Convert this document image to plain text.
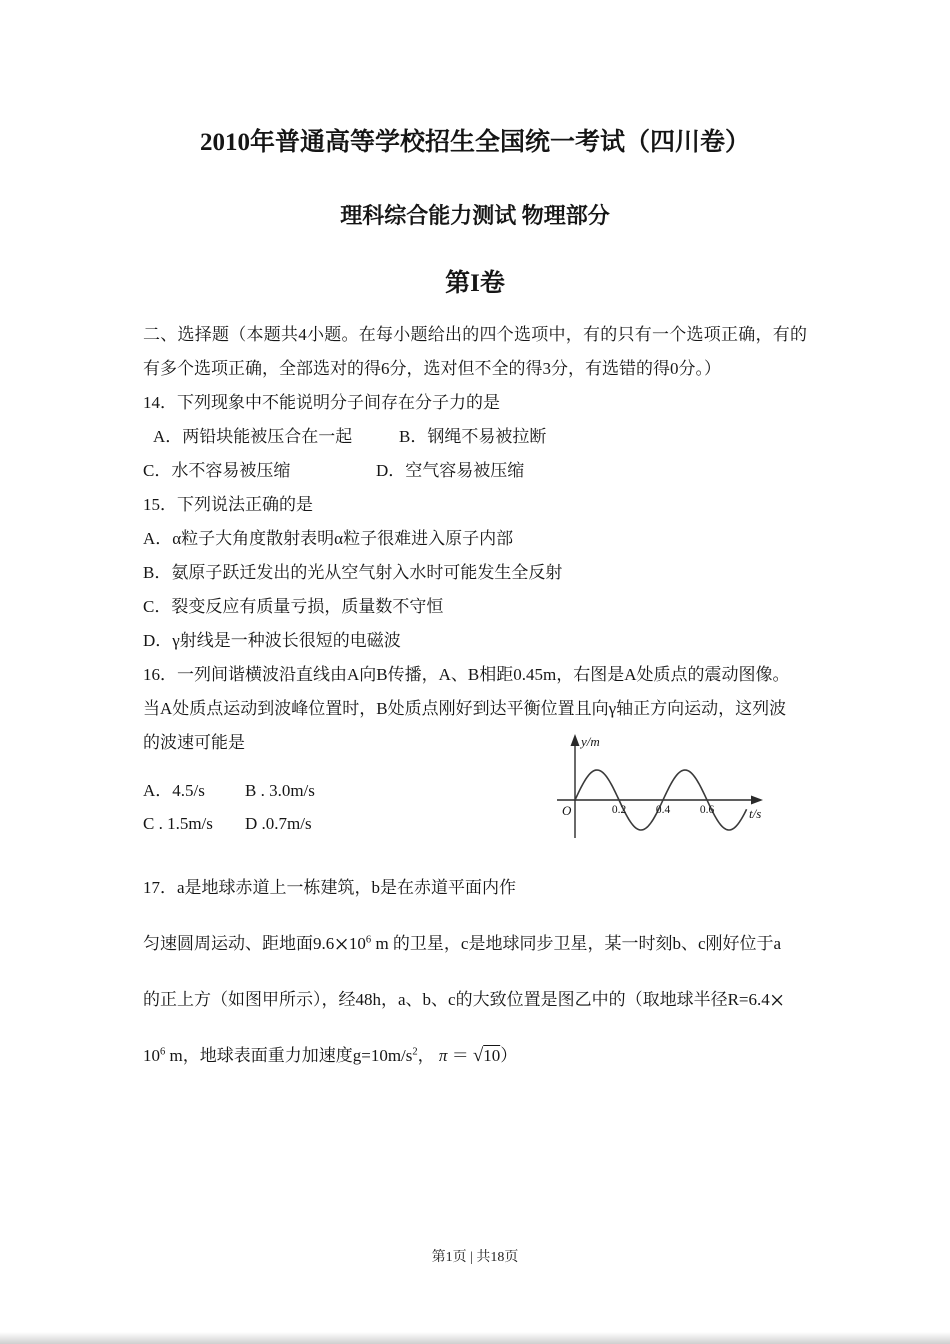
2010年普通高等学校招生全国统一考试（四川卷）
理科综合能力测试 物理部分
第I卷

二、选择题（本题共4小题。在每小题给出的四个选项中，有的只有一个选项正确，有的有多个选项正确，全部选对的得6分，选对但不全的得3分，有选错的得0分。）

14．下列现象中不能说明分子间存在分子力的是
A．两铅块能被压合在一起	B．钢绳不易被拉断
C．水不容易被压缩	D．空气容易被压缩
15．下列说法正确的是
A．α粒子大角度散射表明α粒子很难进入原子内部
B．氨原子跃迁发出的光从空气射入水时可能发生全反射
C．裂变反应有质量亏损，质量数不守恒
D．γ射线是一种波长很短的电磁波
16．一列间谐横波沿直线由A向B传播，A、B相距0.45m，右图是A处质点的震动图像。
当A处质点运动到波峰位置时，B处质点刚好到达平衡位置且向γ轴正方向运动，这列波
的波速可能是
A．4.5/s B . 3.0m/s
C . 1.5m/s D .0.7m/s
y/m
O	t/s
0.2	0.4	0.6
17．a是地球赤道上一栋建筑，b是在赤道平面内作
匀速圆周运动、距地面$9.6\times 10^6$ m 的卫星，c是地球同步卫星，某一时刻b、c刚好位于a
的正上方（如图甲所示），经48h，a、b、c的大致位置是图乙中的（取地球半径R=6.4×
$10^6$ m，地球表面重力加速度$g=10m/s^2$， π ＝ √10）
第1页 | 共18页
